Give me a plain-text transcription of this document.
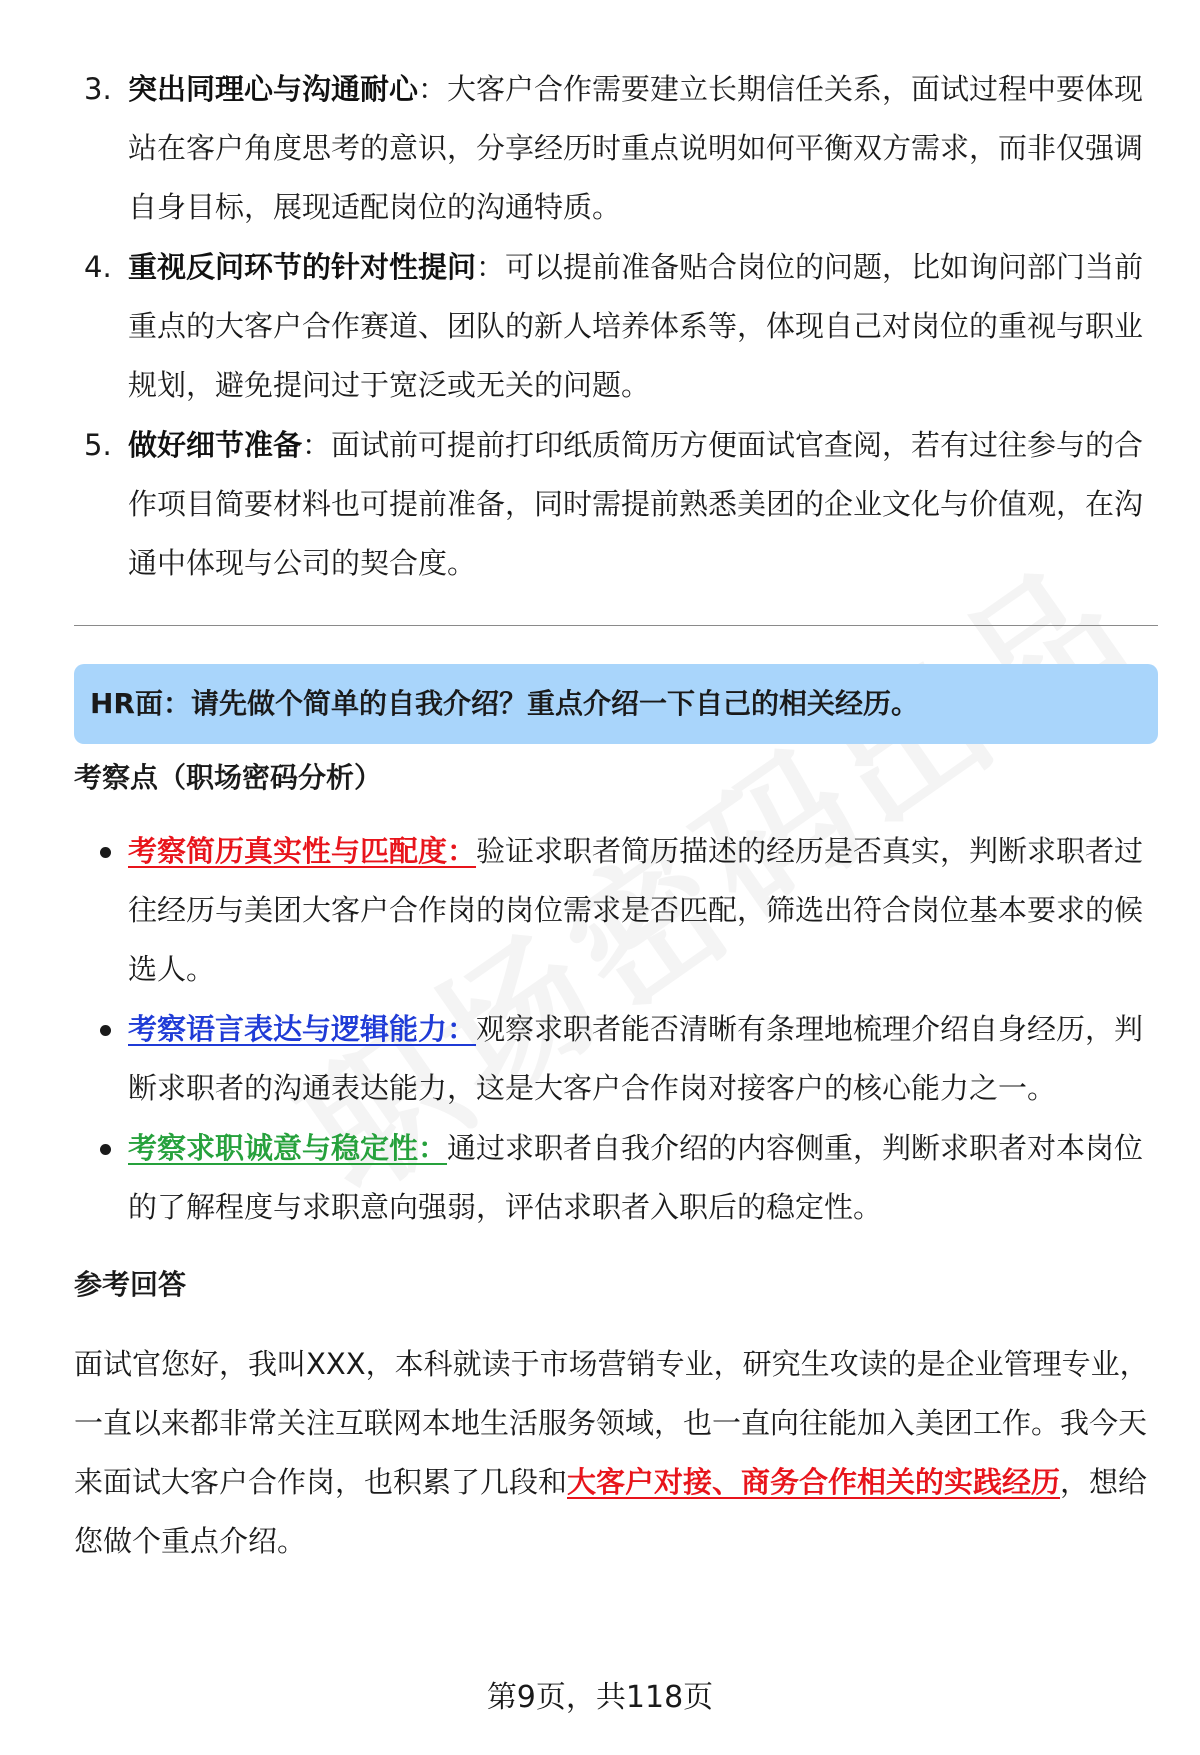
3. 突出同理心与沟通耐心：大客户合作需要建立长期信任关系，面试过程中要体现站在客户角度思考的意识，分享经历时重点说明如何平衡双方需求，而非仅强调自身目标，展现适配岗位的沟通特质。
4. 重视反问环节的针对性提问：可以提前准备贴合岗位的问题，比如询问部门当前重点的大客户合作赛道、团队的新人培养体系等，体现自己对岗位的重视与职业规划，避免提问过于宽泛或无关的问题。
5. 做好细节准备：面试前可提前打印纸质简历方便面试官查阅，若有过往参与的合作项目简要材料也可提前准备，同时需提前熟悉美团的企业文化与价值观，在沟通中体现与公司的契合度。
HR面：请先做个简单的自我介绍？重点介绍一下自己的相关经历。
考察点（职场密码分析）
考察简历真实性与匹配度：验证求职者简历描述的经历是否真实，判断求职者过往经历与美团大客户合作岗的岗位需求是否匹配，筛选出符合岗位基本要求的候选人。
考察语言表达与逻辑能力：观察求职者能否清晰有条理地梳理介绍自身经历，判断求职者的沟通表达能力，这是大客户合作岗对接客户的核心能力之一。
考察求职诚意与稳定性：通过求职者自我介绍的内容侧重，判断求职者对本岗位的了解程度与求职意向强弱，评估求职者入职后的稳定性。
参考回答

面试官您好，我叫XXX，本科就读于市场营销专业，研究生攻读的是企业管理专业，一直以来都非常关注互联网本地生活服务领域，也一直向往能加入美团工作。我今天来面试大客户合作岗，也积累了几段和大客户对接、商务合作相关的实践经历，想给您做个重点介绍。

第9页，共118页
